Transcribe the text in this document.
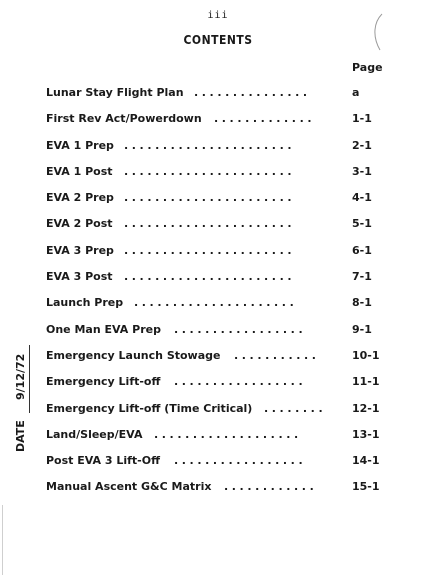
iii
CONTENTS
Page
Lunar Stay Flight Plan ...............	a
First Rev Act/Powerdown .............	1-1
EVA 1 Prep ......................	2-1
EVA 1 Post ......................	3-1
EVA 2 Prep ......................	4-1
EVA 2 Post ......................	5-1
EVA 3 Prep ......................	6-1
EVA 3 Post ......................	7-1
Launch Prep .....................	8-1
One Man EVA Prep .................	9-1
Emergency Launch Stowage ...........	10-1
Emergency Lift-off .................	11-1
Emergency Lift-off (Time Critical) ........ 12-1
Land/Sleep/EVA ...................	13-1
Post EVA 3 Lift-Off .................	14-1
Manual Ascent G&C Matrix ............	15-1
9/12/72
DATE
